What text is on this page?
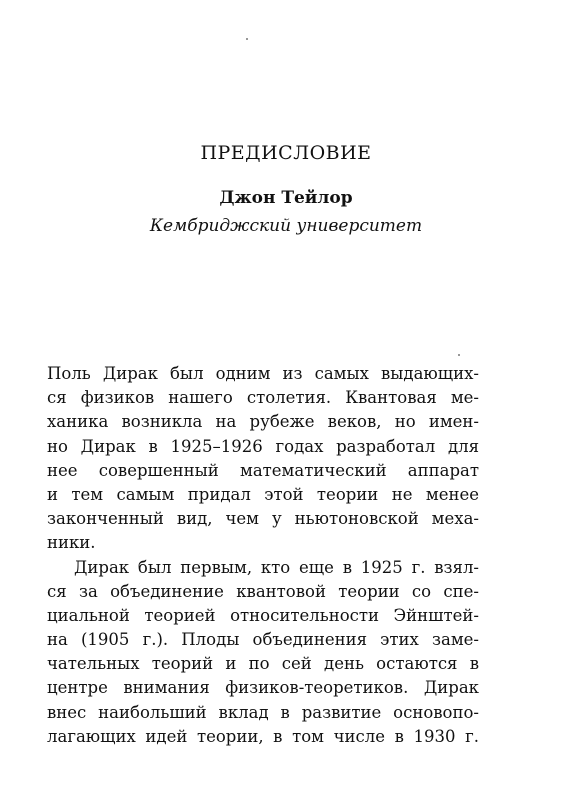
ПРЕДИСЛОВИЕ
Джон Тейлор
Кембриджский университет
Поль Дирак был одним из самых выдающих-
ся физиков нашего столетия. Квантовая ме-
ханика возникла на рубеже веков, но имен-
но Дирак в 1925–1926 годах разработал для
нее совершенный математический аппарат
и тем самым придал этой теории не менее
законченный вид, чем у ньютоновской меха-
ники.
Дирак был первым, кто еще в 1925 г. взял-
ся за объединение квантовой теории со спе-
циальной теорией относительности Эйнштей-
на (1905 г.). Плоды объединения этих заме-
чательных теорий и по сей день остаются в
центре внимания физиков-теоретиков. Дирак
внес наибольший вклад в развитие основопо-
лагающих идей теории, в том числе в 1930 г.
